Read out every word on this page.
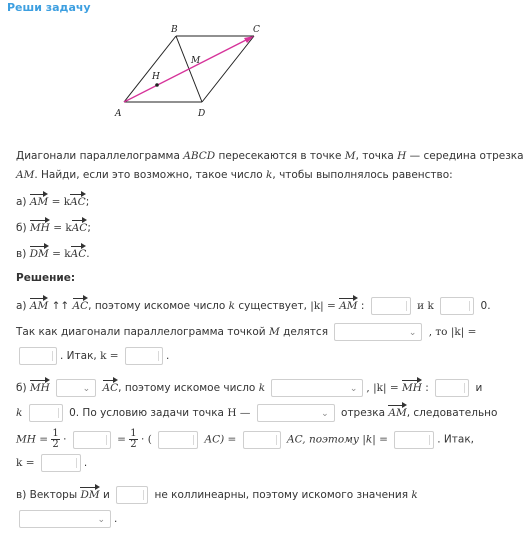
Реши задачу
A
B	C
D
M
H
Диагонали параллелограмма ABCD пересекаются в точке M, точка H — середина отрезка
AM. Найди, если это возможно, такое число k, чтобы выполнялось равенство:
а) AM = kAC;
б) MH = kAC;
в) DM = kAC.
Решение:
а) AM ↑↑ AC, поэтому искомое число k существует, |k| = AM :	и k	0.
Так как диагонали параллелограмма точкой M делятся	⌄ , то |k| =
. Итак, k =	.
б) MH	⌄ AC, поэтому искомое число k	⌄ , |k| = MH :	и
k	0. По условию задачи точка H —	⌄ отрезка AM, следовательно
MH = $\frac{1}{2}$ ·	= $\frac{1}{2}$ · (	AC) =	AC, поэтому |k| =	. Итак,
k =	.
в) Векторы DM и	не коллинеарны, поэтому искомого значения k
⌄ .
